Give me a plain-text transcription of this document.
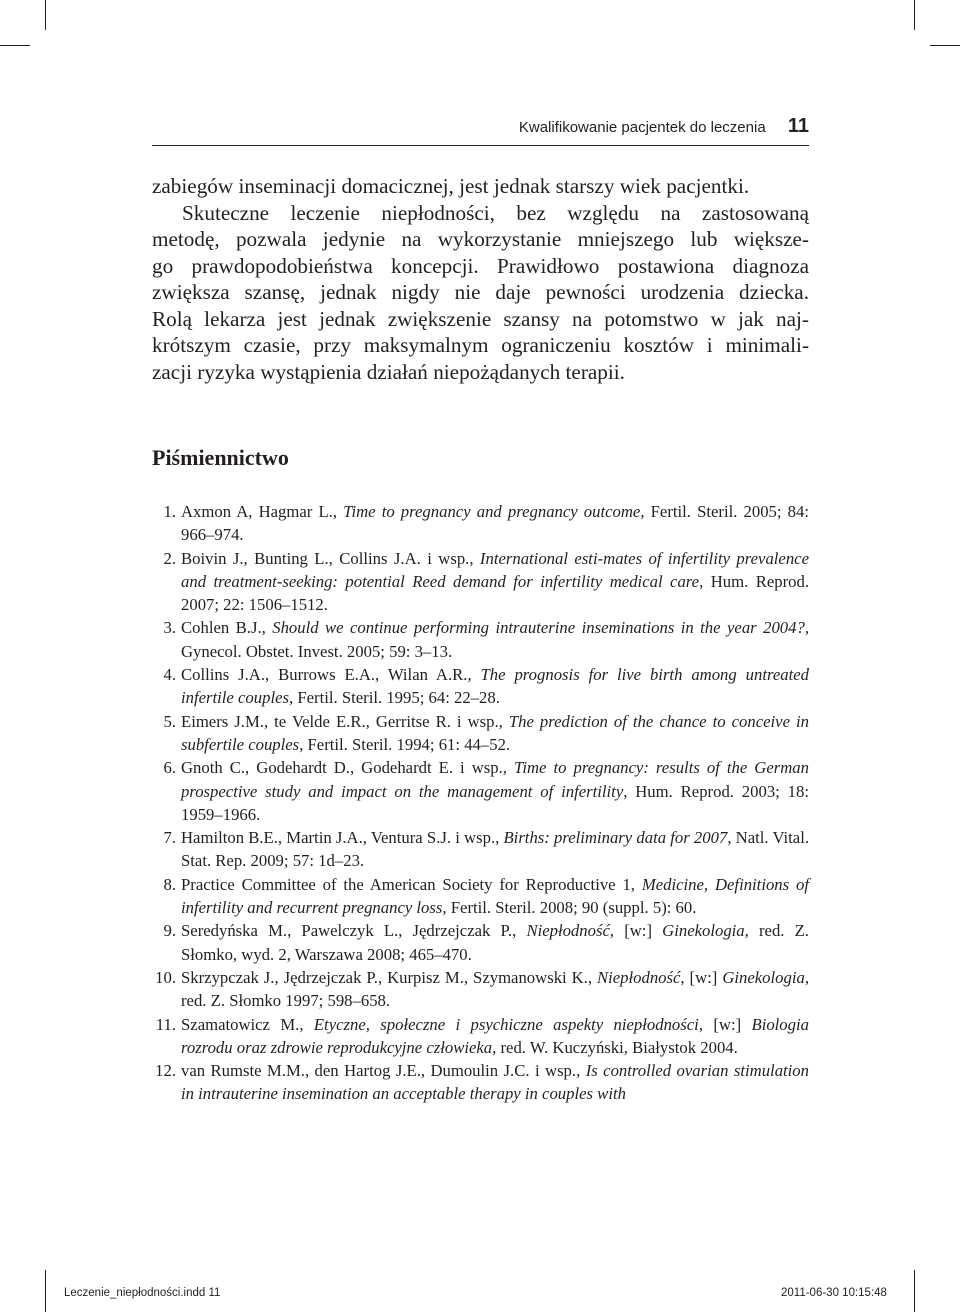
Kwalifikowanie pacjentek do leczenia 11
zabiegów inseminacji domacicznej, jest jednak starszy wiek pacjentki.
Skuteczne leczenie niepłodności, bez względu na zastosowaną
metodę, pozwala jedynie na wykorzystanie mniejszego lub większe-
go prawdopodobieństwa koncepcji. Prawidłowo postawiona diagnoza
zwiększa szansę, jednak nigdy nie daje pewności urodzenia dziecka.
Rolą lekarza jest jednak zwiększenie szansy na potomstwo w jak naj-
krótszym czasie, przy maksymalnym ograniczeniu kosztów i minimali-
zacji ryzyka wystąpienia działań niepożądanych terapii.
Piśmiennictwo
1. Axmon A, Hagmar L., Time to pregnancy and pregnancy outcome, Fertil. Steril. 2005; 84: 966–974.
2. Boivin J., Bunting L., Collins J.A. i wsp., International esti-mates of infertility prevalence and treatment-seeking: potential Reed demand for infertility medical care, Hum. Reprod. 2007; 22: 1506–1512.
3. Cohlen B.J., Should we continue performing intrauterine inseminations in the year 2004?, Gynecol. Obstet. Invest. 2005; 59: 3–13.
4. Collins J.A., Burrows E.A., Wilan A.R., The prognosis for live birth among untreated infertile couples, Fertil. Steril. 1995; 64: 22–28.
5. Eimers J.M., te Velde E.R., Gerritse R. i wsp., The prediction of the chance to conceive in subfertile couples, Fertil. Steril. 1994; 61: 44–52.
6. Gnoth C., Godehardt D., Godehardt E. i wsp., Time to pregnancy: results of the German prospective study and impact on the management of infertility, Hum. Reprod. 2003; 18: 1959–1966.
7. Hamilton B.E., Martin J.A., Ventura S.J. i wsp., Births: preliminary data for 2007, Natl. Vital. Stat. Rep. 2009; 57: 1d–23.
8. Practice Committee of the American Society for Reproductive 1, Medicine, Definitions of infertility and recurrent pregnancy loss, Fertil. Steril. 2008; 90 (suppl. 5): 60.
9. Seredyńska M., Pawelczyk L., Jędrzejczak P., Niepłodność, [w:] Ginekologia, red. Z. Słomko, wyd. 2, Warszawa 2008; 465–470.
10. Skrzypczak J., Jędrzejczak P., Kurpisz M., Szymanowski K., Niepłodność, [w:] Ginekologia, red. Z. Słomko 1997; 598–658.
11. Szamatowicz M., Etyczne, społeczne i psychiczne aspekty niepłodności, [w:] Biologia rozrodu oraz zdrowie reprodukcyjne człowieka, red. W. Kuczyński, Białystok 2004.
12. van Rumste M.M., den Hartog J.E., Dumoulin J.C. i wsp., Is controlled ovarian stimulation in intrauterine insemination an acceptable therapy in couples with
Leczenie_niepłodności.indd 11	2011-06-30 10:15:48
